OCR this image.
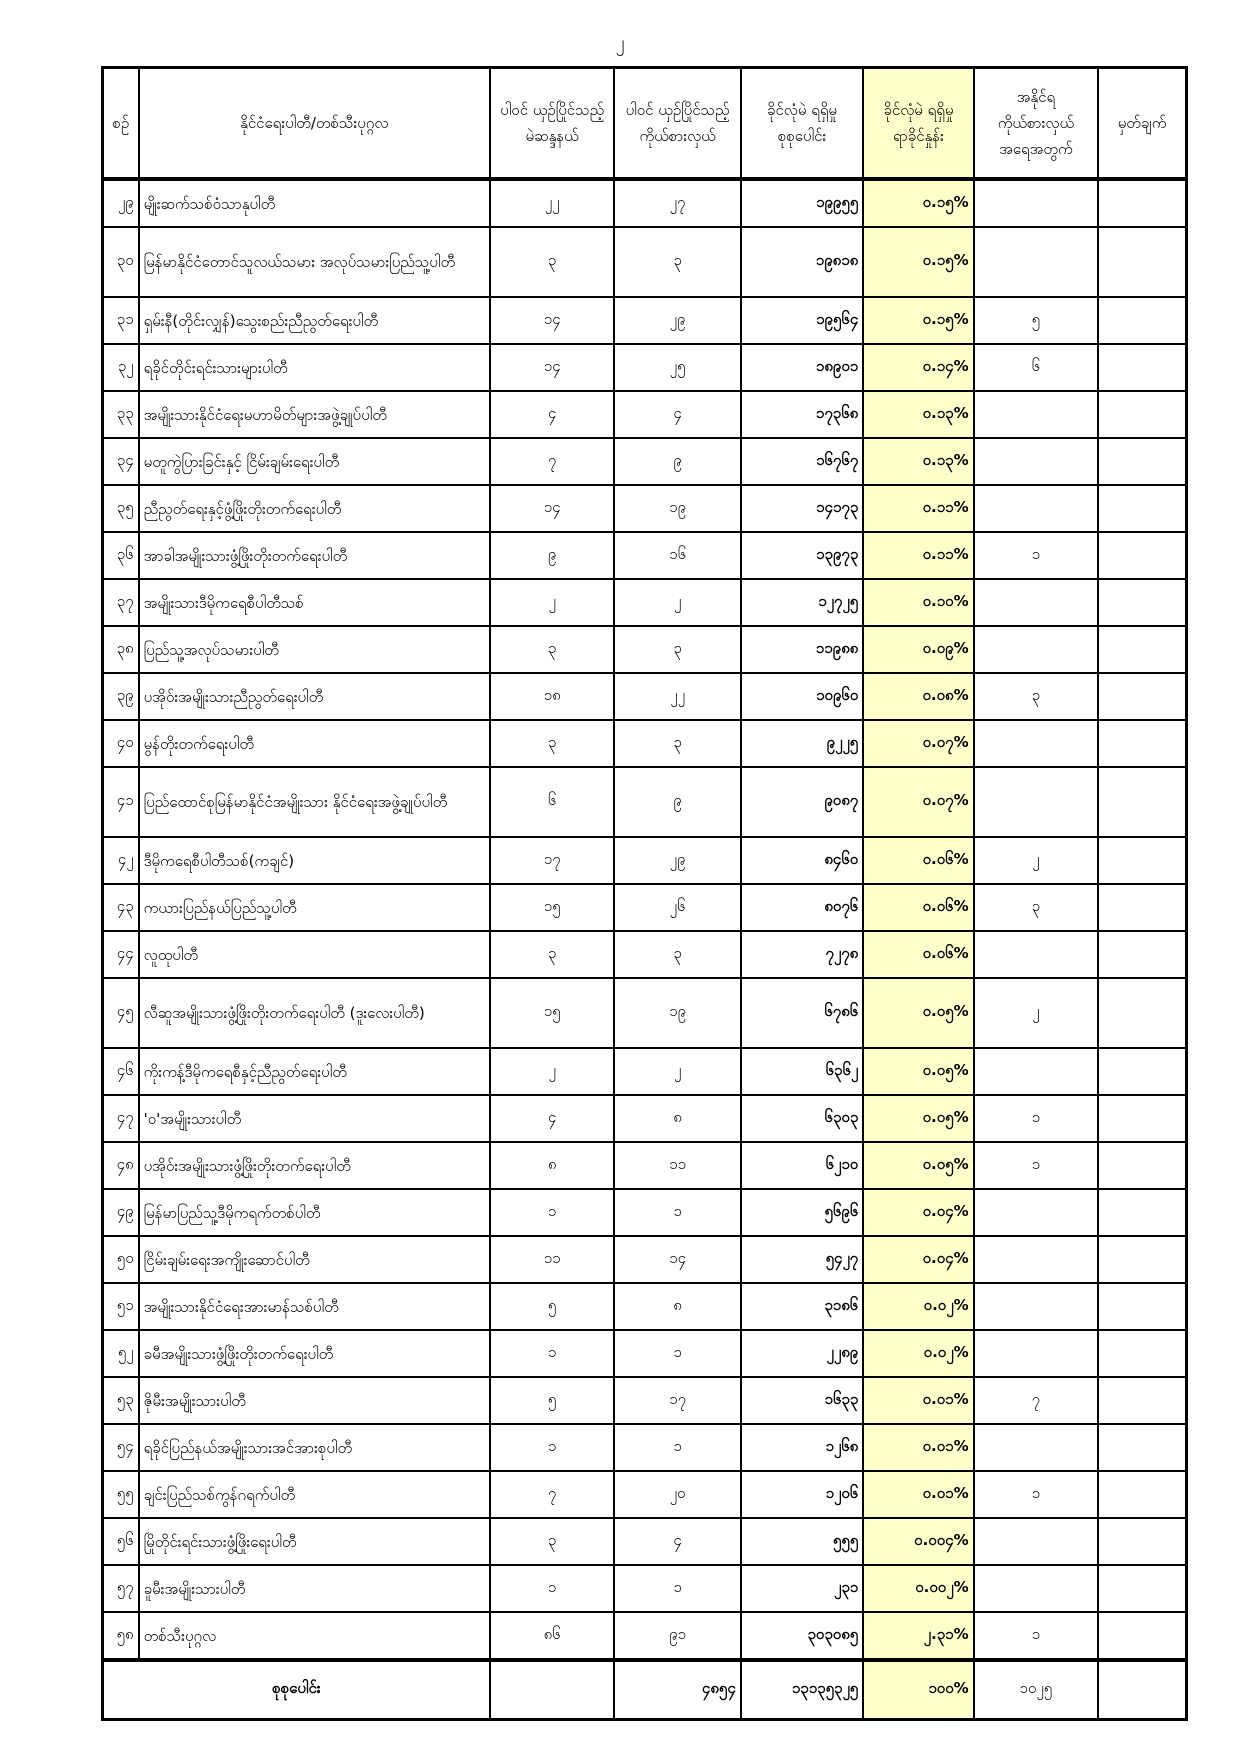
၂
စဉ်	နိုင်ငံရေးပါတီ/တစ်သီးပုဂ္ဂလ	ပါဝင် ယှဉ်ပြိုင်သည့် မဲဆန္ဒနယ်	ပါဝင် ယှဉ်ပြိုင်သည့် ကိုယ်စားလှယ်	ခိုင်လုံမဲ ရရှိမှု စုစုပေါင်း	ခိုင်လုံမဲ ရရှိမှု ရာခိုင်နှုန်း	အနိုင်ရ ကိုယ်စားလှယ် အရေအတွက်	မှတ်ချက်
၂၉	မျိုးဆက်သစ်ဝံသာနုပါတီ	၂၂	၂၇	၁၉၉၅၅	၀.၁၅%		
၃၀	မြန်မာနိုင်ငံတောင်သူလယ်သမား အလုပ်သမားပြည်သူ့ပါတီ	၃	၃	၁၉၈၁၈	၀.၁၅%		
၃၁	ရှမ်းနီ(တိုင်းလျှန်)သွေးစည်းညီညွတ်ရေးပါတီ	၁၄	၂၉	၁၉၅၆၄	၀.၁၅%	၅	
၃၂	ရခိုင်တိုင်းရင်းသားများပါတီ	၁၄	၂၅	၁၈၉၀၁	၀.၁၄%	၆	
၃၃	အမျိုးသားနိုင်ငံရေးမဟာမိတ်များအဖွဲ့ချုပ်ပါတီ	၄	၄	၁၇၃၆၈	၀.၁၃%		
၃၄	မတူကွဲပြားခြင်းနှင့် ငြိမ်းချမ်းရေးပါတီ	၇	၉	၁၆၇၆၇	၀.၁၃%		
၃၅	ညီညွတ်ရေးနှင့်ဖွံ့ဖြိုးတိုးတက်ရေးပါတီ	၁၄	၁၉	၁၄၁၇၃	၀.၁၁%		
၃၆	အာခါအမျိုးသားဖွံ့ဖြိုးတိုးတက်ရေးပါတီ	၉	၁၆	၁၃၉၇၃	၀.၁၁%	၁	
၃၇	အမျိုးသားဒီမိုကရေစီပါတီသစ်	၂	၂	၁၂၇၂၅	၀.၁၀%		
၃၈	ပြည်သူ့အလုပ်သမားပါတီ	၃	၃	၁၁၉၈၈	၀.၀၉%		
၃၉	ပအိုဝ်းအမျိုးသားညီညွတ်ရေးပါတီ	၁၈	၂၂	၁၀၉၆၀	၀.၀၈%	၃	
၄၀	မွန်တိုးတက်ရေးပါတီ	၃	၃	၉၂၂၅	၀.၀၇%		
၄၁	ပြည်ထောင်စုမြန်မာနိုင်ငံအမျိုးသား နိုင်ငံရေးအဖွဲ့ချုပ်ပါတီ	၆	၉	၉၀၈၇	၀.၀၇%		
၄၂	ဒီမိုကရေစီပါတီသစ်(ကချင်)	၁၇	၂၉	၈၄၆၀	၀.၀၆%	၂	
၄၃	ကယားပြည်နယ်ပြည်သူ့ပါတီ	၁၅	၂၆	၈၀၇၆	၀.၀၆%	၃	
၄၄	လူထုပါတီ	၃	၃	၇၂၇၈	၀.၀၆%		
၄၅	လီဆူအမျိုးသားဖွံ့ဖြိုးတိုးတက်ရေးပါတီ (ဒူးလေးပါတီ)	၁၅	၁၉	၆၇၈၆	၀.၀၅%	၂	
၄၆	ကိုးကန့်ဒီမိုကရေစီနှင့်ညီညွတ်ရေးပါတီ	၂	၂	၆၃၆၂	၀.၀၅%		
၄၇	'ဝ'အမျိုးသားပါတီ	၄	၈	၆၃၀၃	၀.၀၅%	၁	
၄၈	ပအိုဝ်းအမျိုးသားဖွံ့ဖြိုးတိုးတက်ရေးပါတီ	၈	၁၁	၆၂၁၀	၀.၀၅%	၁	
၄၉	မြန်မာပြည်သူ့ဒီမိုကရက်တစ်ပါတီ	၁	၁	၅၆၉၆	၀.၀၄%		
၅၀	ငြိမ်းချမ်းရေးအကျိုးဆောင်ပါတီ	၁၁	၁၄	၅၄၂၇	၀.၀၄%		
၅၁	အမျိုးသားနိုင်ငံရေးအားမာန်သစ်ပါတီ	၅	၈	၃၁၈၆	၀.၀၂%		
၅၂	ခမီအမျိုးသားဖွံ့ဖြိုးတိုးတက်ရေးပါတီ	၁	၁	၂၂၈၉	၀.၀၂%		
၅၃	ဇိုမီးအမျိုးသားပါတီ	၅	၁၇	၁၆၃၃	၀.၀၁%	၇	
၅၄	ရခိုင်ပြည်နယ်အမျိုးသားအင်အားစုပါတီ	၁	၁	၁၂၆၈	၀.၀၁%		
၅၅	ချင်းပြည်သစ်ကွန်ဂရက်ပါတီ	၇	၂၀	၁၂၀၆	၀.၀၁%	၁	
၅၆	မြိုတိုင်းရင်းသားဖွံ့ဖြိုးရေးပါတီ	၃	၄	၅၅၅	၀.၀၀၄%		
၅၇	ခူမီးအမျိုးသားပါတီ	၁	၁	၂၃၁	၀.၀၀၂%		
၅၈	တစ်သီးပုဂ္ဂလ	၈၆	၉၁	၃၀၃၀၈၅	၂.၃၁%	၁	
စုစုပေါင်း			၄၈၅၄	၁၃၁၃၅၃၂၅	၁၀၀%	၁၀၂၅	
